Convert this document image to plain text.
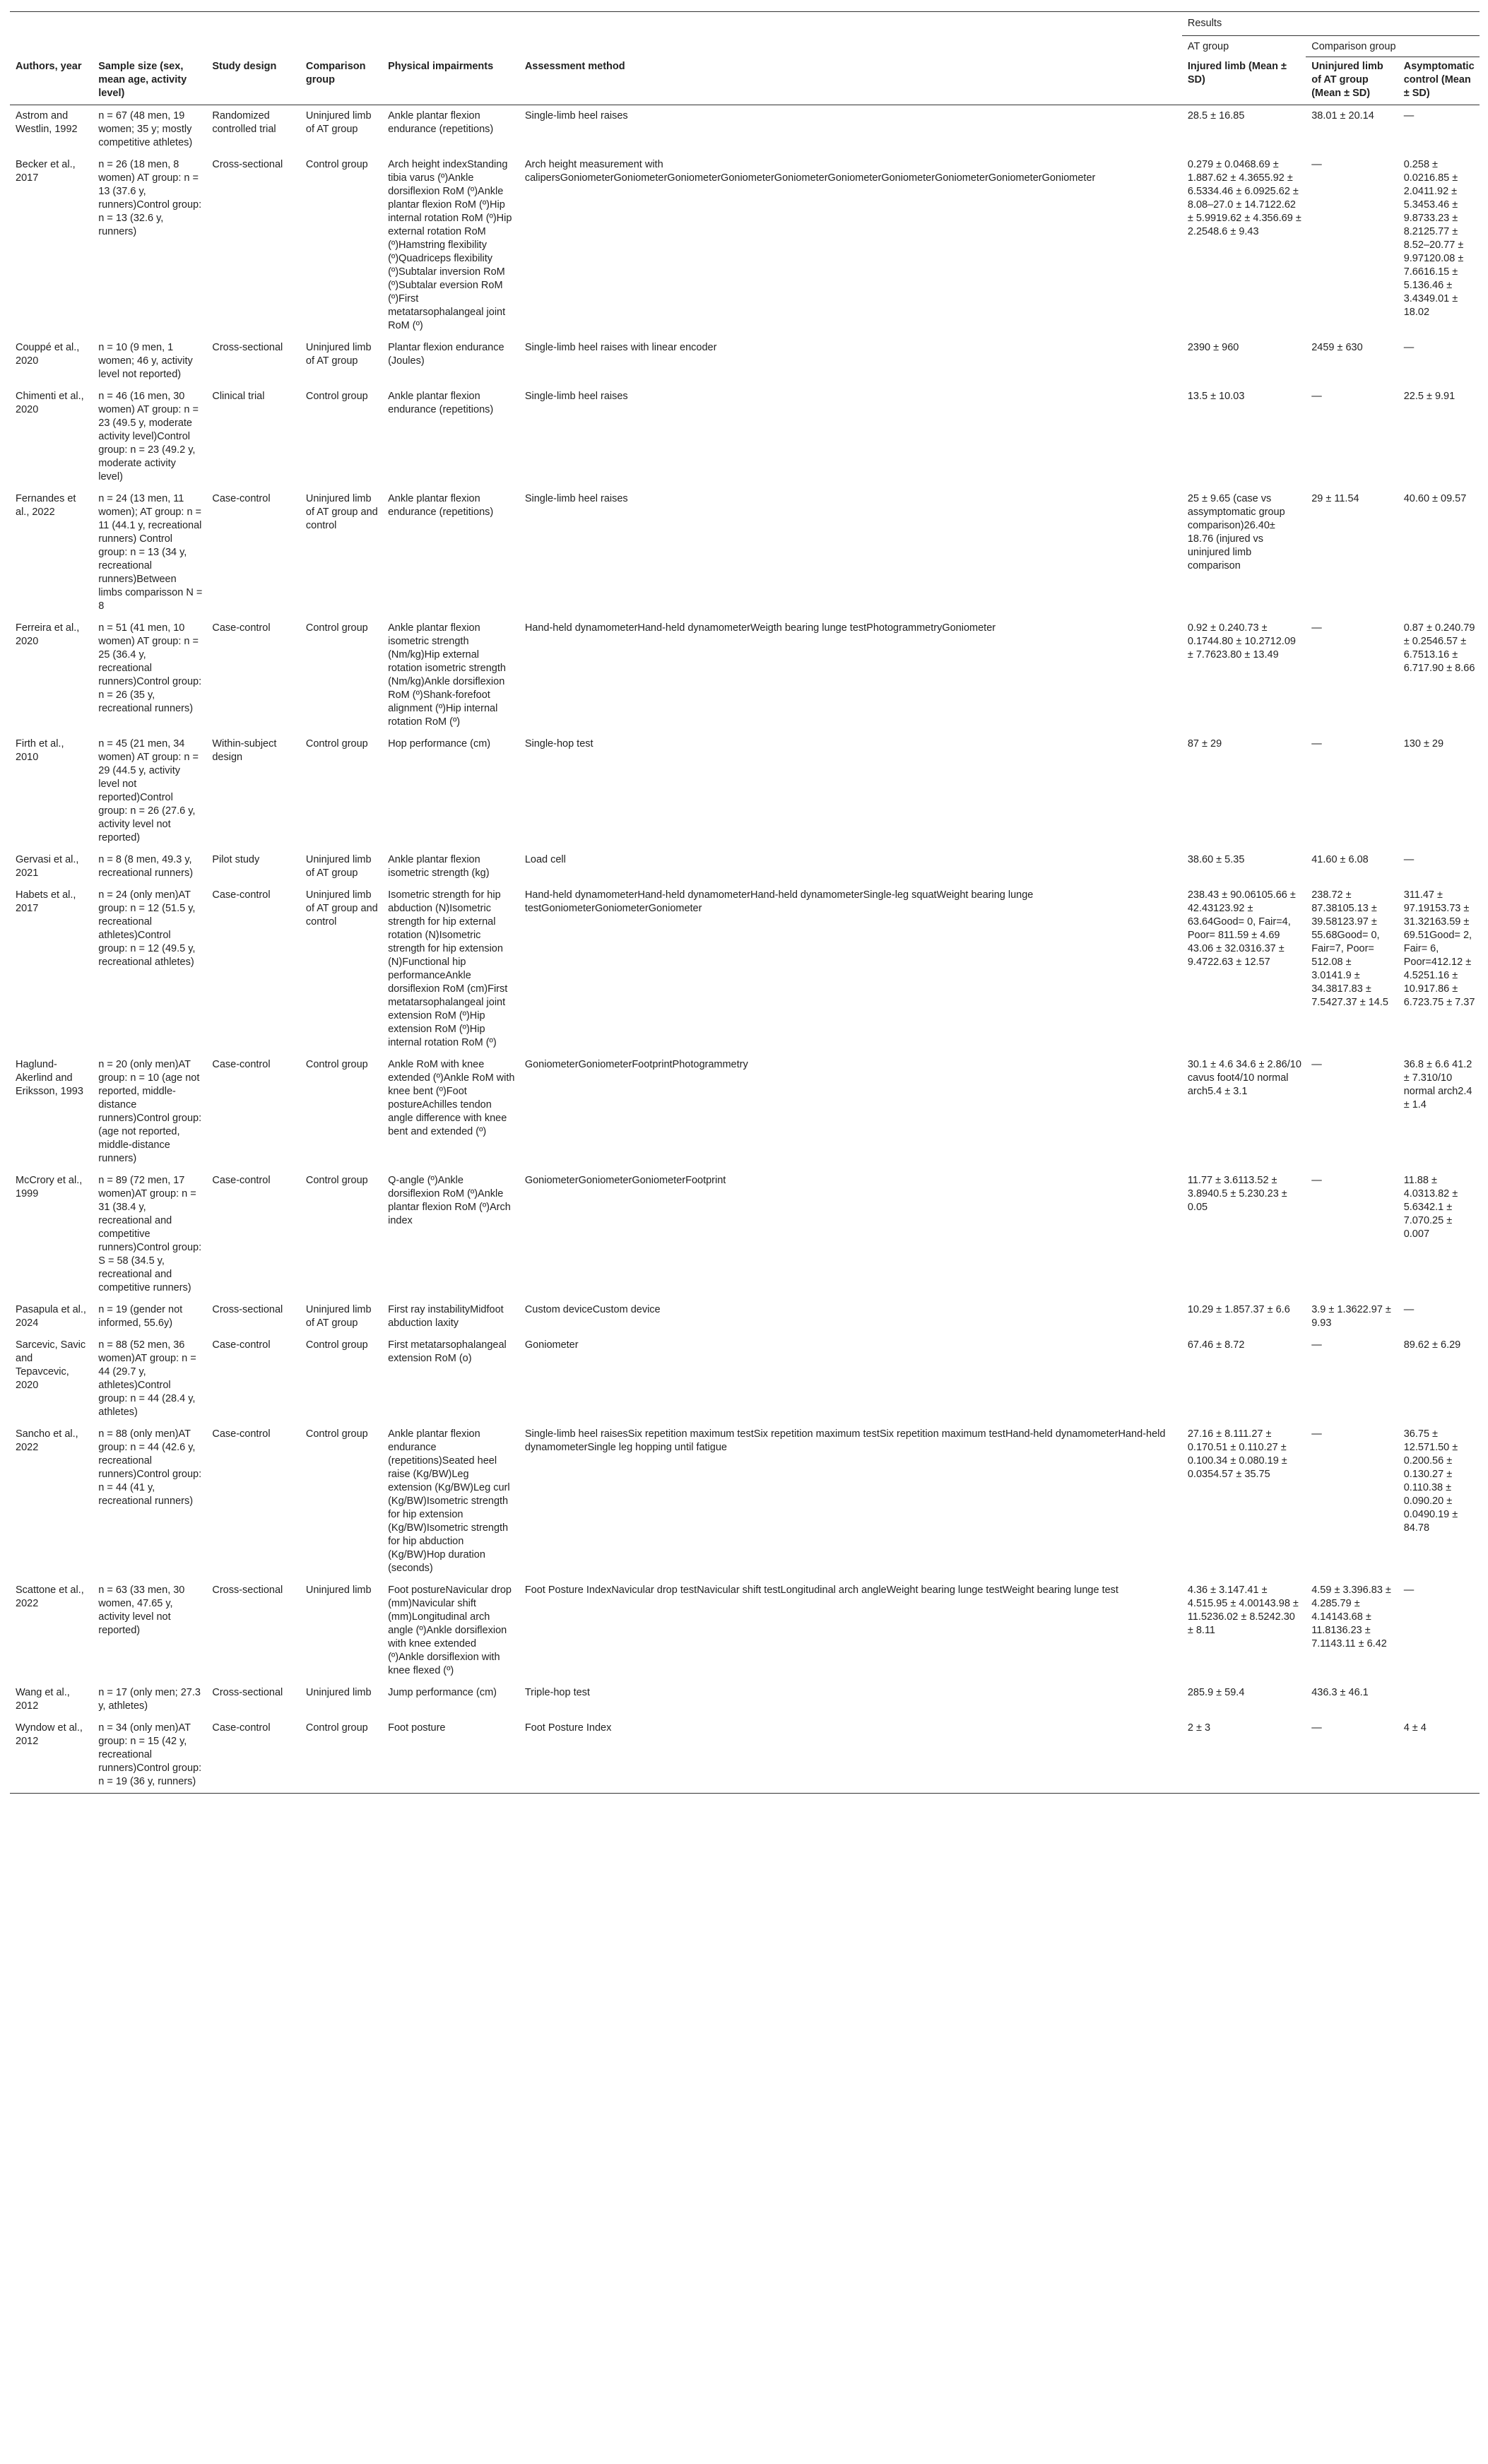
						Results		
						AT group	Comparison group	
Authors, year	Sample size (sex, mean age, activity level)	Study design	Comparison group	Physical impairments	Assessment method	Injured limb (Mean ± SD)	Uninjured limb of AT group (Mean ± SD)	Asymptomatic control (Mean ± SD)
Astrom and Westlin, 1992	n = 67 (48 men, 19 women; 35 y; mostly competitive athletes)	Randomized controlled trial	Uninjured limb of AT group	Ankle plantar flexion endurance (repetitions)	Single-limb heel raises	28.5 ± 16.85	38.01 ± 20.14	—
Becker et al., 2017	n = 26 (18 men, 8 women) AT group: n = 13 (37.6 y, runners)Control group: n = 13 (32.6 y, runners)	Cross-sectional	Control group	Arch height indexStanding tibia varus (º)Ankle dorsiflexion RoM (º)Ankle plantar flexion RoM (º)Hip internal rotation RoM (º)Hip external rotation RoM (º)Hamstring flexibility (º)Quadriceps flexibility (º)Subtalar inversion RoM (º)Subtalar eversion RoM (º)First metatarsophalangeal joint RoM (º)	Arch height measurement with calipersGoniometerGoniometerGoniometerGoniometerGoniometerGoniometerGoniometerGoniometerGoniometerGoniometer	0.279 ± 0.0468.69 ± 1.887.62 ± 4.3655.92 ± 6.5334.46 ± 6.0925.62 ± 8.08–27.0 ± 14.7122.62 ± 5.9919.62 ± 4.356.69 ± 2.2548.6 ± 9.43	—	0.258 ± 0.0216.85 ± 2.0411.92 ± 5.3453.46 ± 9.8733.23 ± 8.2125.77 ± 8.52–20.77 ± 9.97120.08 ± 7.6616.15 ± 5.136.46 ± 3.4349.01 ± 18.02
Couppé et al., 2020	n = 10 (9 men, 1 women; 46 y, activity level not reported)	Cross-sectional	Uninjured limb of AT group	Plantar flexion endurance (Joules)	Single-limb heel raises with linear encoder	2390 ± 960	2459 ± 630	—
Chimenti et al., 2020	n = 46 (16 men, 30 women) AT group: n = 23 (49.5 y, moderate activity level)Control group: n = 23 (49.2 y, moderate activity level)	Clinical trial	Control group	Ankle plantar flexion endurance (repetitions)	Single-limb heel raises	13.5 ± 10.03	—	22.5 ± 9.91
Fernandes et al., 2022	n = 24 (13 men, 11 women); AT group: n = 11 (44.1 y, recreational runners) Control group: n = 13 (34 y, recreational runners)Between limbs comparisson N = 8	Case-control	Uninjured limb of AT group and control	Ankle plantar flexion endurance (repetitions)	Single-limb heel raises	25 ± 9.65 (case vs assymptomatic group comparison)26.40± 18.76 (injured vs uninjured limb comparison	29 ± 11.54	40.60 ± 09.57
Ferreira et al., 2020	n = 51 (41 men, 10 women) AT group: n = 25 (36.4 y, recreational runners)Control group: n = 26 (35 y, recreational runners)	Case-control	Control group	Ankle plantar flexion isometric strength (Nm/kg)Hip external rotation isometric strength (Nm/kg)Ankle dorsiflexion RoM (º)Shank-forefoot alignment (º)Hip internal rotation RoM (º)	Hand-held dynamometerHand-held dynamometerWeigth bearing lunge testPhotogrammetryGoniometer	0.92 ± 0.240.73 ± 0.1744.80 ± 10.2712.09 ± 7.7623.80 ± 13.49	—	0.87 ± 0.240.79 ± 0.2546.57 ± 6.7513.16 ± 6.717.90 ± 8.66
Firth et al., 2010	n = 45 (21 men, 34 women) AT group: n = 29 (44.5 y, activity level not reported)Control group: n = 26 (27.6 y, activity level not reported)	Within-subject design	Control group	Hop performance (cm)	Single-hop test	87 ± 29	—	130 ± 29
Gervasi et al., 2021	n = 8 (8 men, 49.3 y, recreational runners)	Pilot study	Uninjured limb of AT group	Ankle plantar flexion isometric strength (kg)	Load cell	38.60 ± 5.35	41.60 ± 6.08	—
Habets et al., 2017	n = 24 (only men)AT group: n = 12 (51.5 y, recreational athletes)Control group: n = 12 (49.5 y, recreational athletes)	Case-control	Uninjured limb of AT group and control	Isometric strength for hip abduction (N)Isometric strength for hip external rotation (N)Isometric strength for hip extension (N)Functional hip performanceAnkle dorsiflexion RoM (cm)First metatarsophalangeal joint extension RoM (º)Hip extension RoM (º)Hip internal rotation RoM (º)	Hand-held dynamometerHand-held dynamometerHand-held dynamometerSingle-leg squatWeight bearing lunge testGoniometerGoniometerGoniometer	238.43 ± 90.06105.66 ± 42.43123.92 ± 63.64Good= 0, Fair=4, Poor= 811.59 ± 4.69 43.06 ± 32.0316.37 ± 9.4722.63 ± 12.57	238.72 ± 87.38105.13 ± 39.58123.97 ± 55.68Good= 0, Fair=7, Poor= 512.08 ± 3.0141.9 ± 34.3817.83 ± 7.5427.37 ± 14.5	311.47 ± 97.19153.73 ± 31.32163.59 ± 69.51Good= 2, Fair= 6, Poor=412.12 ± 4.5251.16 ± 10.917.86 ± 6.723.75 ± 7.37
Haglund-Akerlind and Eriksson, 1993	n = 20 (only men)AT group: n = 10 (age not reported, middle-distance runners)Control group: (age not reported, middle-distance runners)	Case-control	Control group	Ankle RoM with knee extended (º)Ankle RoM with knee bent (º)Foot postureAchilles tendon angle difference with knee bent and extended (º)	GoniometerGoniometerFootprintPhotogrammetry	30.1 ± 4.6 34.6 ± 2.86/10 cavus foot4/10 normal arch5.4 ± 3.1	—	36.8 ± 6.6 41.2 ± 7.310/10 normal arch2.4 ± 1.4
McCrory et al., 1999	n = 89 (72 men, 17 women)AT group: n = 31 (38.4 y, recreational and competitive runners)Control group: S = 58 (34.5 y, recreational and competitive runners)	Case-control	Control group	Q-angle (º)Ankle dorsiflexion RoM (º)Ankle plantar flexion RoM (º)Arch index	GoniometerGoniometerGoniometerFootprint	11.77 ± 3.6113.52 ± 3.8940.5 ± 5.230.23 ± 0.05	—	11.88 ± 4.0313.82 ± 5.6342.1 ± 7.070.25 ± 0.007
Pasapula et al., 2024	n = 19 (gender not informed, 55.6y)	Cross-sectional	Uninjured limb of AT group	First ray instabilityMidfoot abduction laxity	Custom deviceCustom device	10.29 ± 1.857.37 ± 6.6	3.9 ± 1.3622.97 ± 9.93	—
Sarcevic, Savic and Tepavcevic, 2020	n = 88 (52 men, 36 women)AT group: n = 44 (29.7 y, athletes)Control group: n = 44 (28.4 y, athletes)	Case-control	Control group	First metatarsophalangeal extension RoM (o)	Goniometer	67.46 ± 8.72	—	89.62 ± 6.29
Sancho et al., 2022	n = 88 (only men)AT group: n = 44 (42.6 y, recreational runners)Control group: n = 44 (41 y, recreational runners)	Case-control	Control group	Ankle plantar flexion endurance (repetitions)Seated heel raise (Kg/BW)Leg extension (Kg/BW)Leg curl (Kg/BW)Isometric strength for hip extension (Kg/BW)Isometric strength for hip abduction (Kg/BW)Hop duration (seconds)	Single-limb heel raisesSix repetition maximum testSix repetition maximum testSix repetition maximum testHand-held dynamometerHand-held dynamometerSingle leg hopping until fatigue	27.16 ± 8.111.27 ± 0.170.51 ± 0.110.27 ± 0.100.34 ± 0.080.19 ± 0.0354.57 ± 35.75	—	36.75 ± 12.571.50 ± 0.200.56 ± 0.130.27 ± 0.110.38 ± 0.090.20 ± 0.0490.19 ± 84.78
Scattone et al., 2022	n = 63 (33 men, 30 women, 47.65 y, activity level not reported)	Cross-sectional	Uninjured limb	Foot postureNavicular drop (mm)Navicular shift (mm)Longitudinal arch angle (º)Ankle dorsiflexion with knee extended (º)Ankle dorsiflexion with knee flexed (º)	Foot Posture IndexNavicular drop testNavicular shift testLongitudinal arch angleWeight bearing lunge testWeight bearing lunge test	4.36 ± 3.147.41 ± 4.515.95 ± 4.00143.98 ± 11.5236.02 ± 8.5242.30 ± 8.11	4.59 ± 3.396.83 ± 4.285.79 ± 4.14143.68 ± 11.8136.23 ± 7.1143.11 ± 6.42	—
Wang et al., 2012	n = 17 (only men; 27.3 y, athletes)	Cross-sectional	Uninjured limb	Jump performance (cm)	Triple-hop test	285.9 ± 59.4	436.3 ± 46.1	
Wyndow et al., 2012	n = 34 (only men)AT group: n = 15 (42 y, recreational runners)Control group: n = 19 (36 y, runners)	Case-control	Control group	Foot posture	Foot Posture Index	2 ± 3	—	4 ± 4
